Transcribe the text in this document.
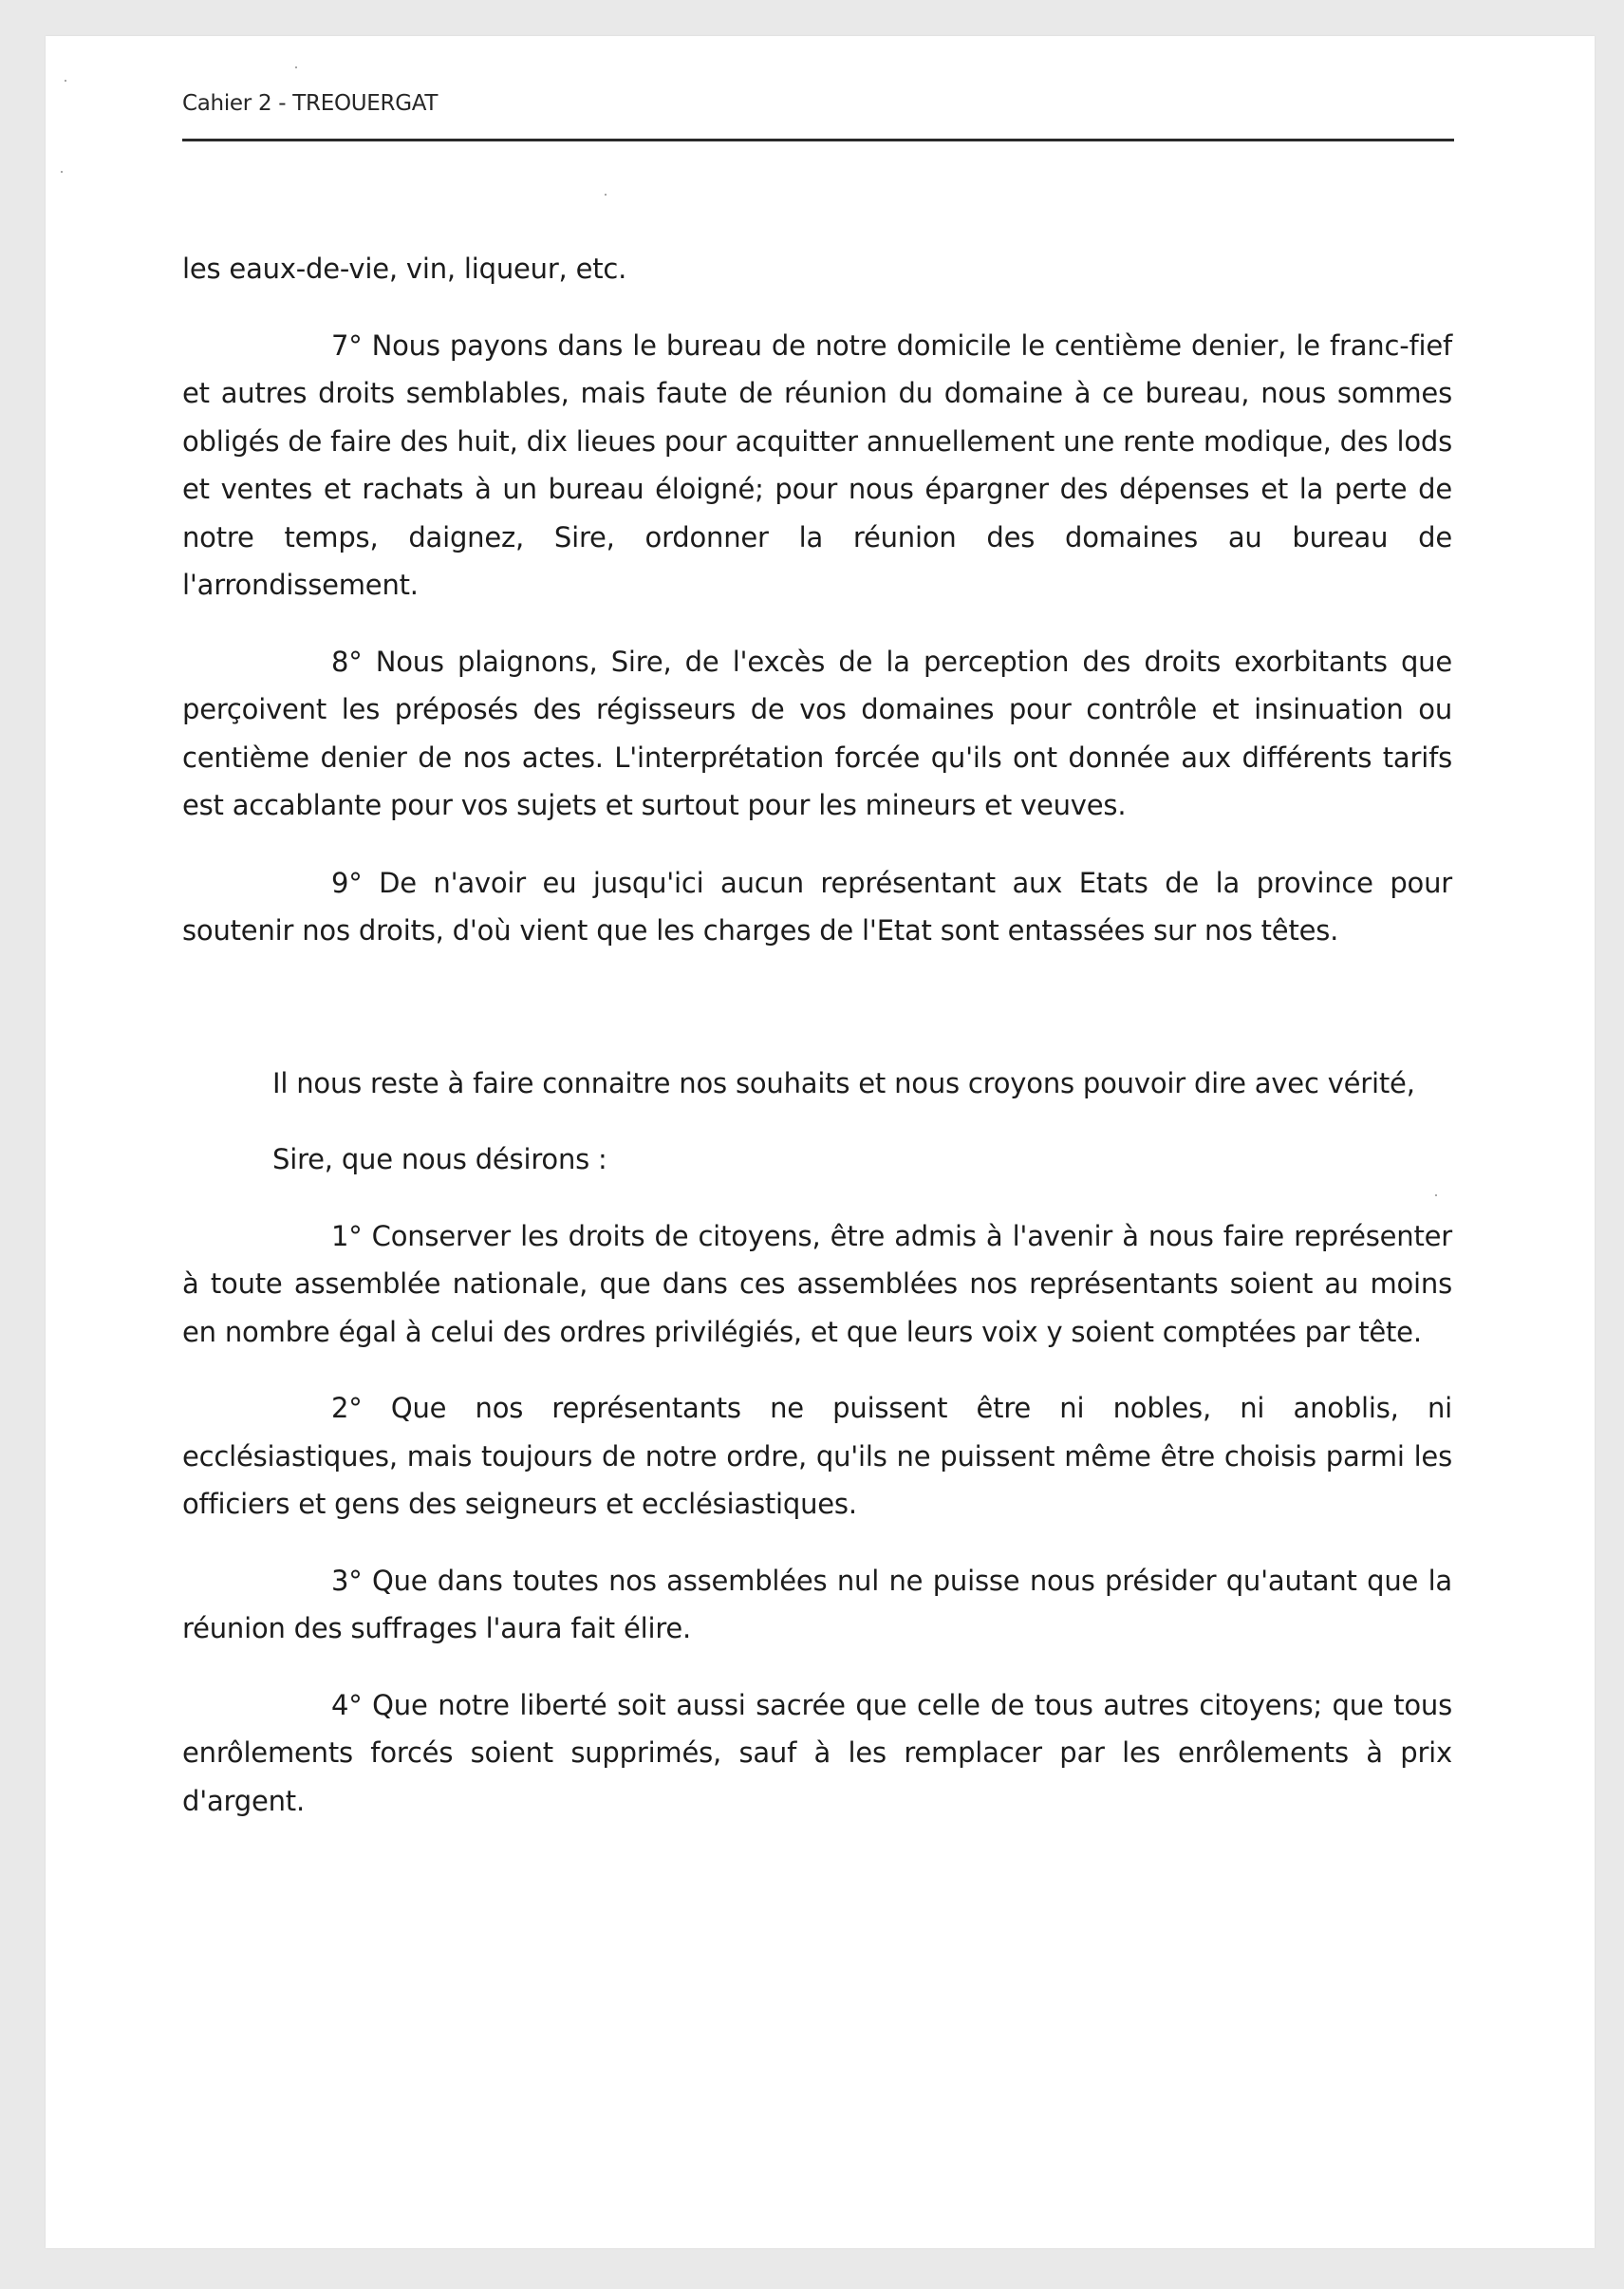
Cahier 2 - TREOUERGAT

les eaux-de-vie, vin, liqueur, etc.

7° Nous payons dans le bureau de notre domicile le centième denier, le franc-fief et autres droits semblables, mais faute de réunion du domaine à ce bureau, nous sommes obligés de faire des huit, dix lieues pour acquitter annuellement une rente modique, des lods et ventes et rachats à un bureau éloigné; pour nous épargner des dépenses et la perte de notre temps, daignez, Sire, ordonner la réunion des domaines au bureau de l'arrondissement.

8° Nous plaignons, Sire, de l'excès de la perception des droits exorbitants que perçoivent les préposés des régisseurs de vos domaines pour contrôle et insinuation ou centième denier de nos actes. L'interprétation forcée qu'ils ont donnée aux différents tarifs est accablante pour vos sujets et surtout pour les mineurs et veuves.

9° De n'avoir eu jusqu'ici aucun représentant aux Etats de la province pour soutenir nos droits, d'où vient que les charges de l'Etat sont entassées sur nos têtes.

Il nous reste à faire connaitre nos souhaits et nous croyons pouvoir dire avec vérité,

Sire, que nous désirons :

1° Conserver les droits de citoyens, être admis à l'avenir à nous faire représenter à toute assemblée nationale, que dans ces assemblées nos représentants soient au moins en nombre égal à celui des ordres privilégiés, et que leurs voix y soient comptées par tête.

2° Que nos représentants ne puissent être ni nobles, ni anoblis, ni ecclésiastiques, mais toujours de notre ordre, qu'ils ne puissent même être choisis parmi les officiers et gens des seigneurs et ecclésiastiques.

3° Que dans toutes nos assemblées nul ne puisse nous présider qu'autant que la réunion des suffrages l'aura fait élire.

4° Que notre liberté soit aussi sacrée que celle de tous autres citoyens; que tous enrôlements forcés soient supprimés, sauf à les remplacer par les enrôlements à prix d'argent.
